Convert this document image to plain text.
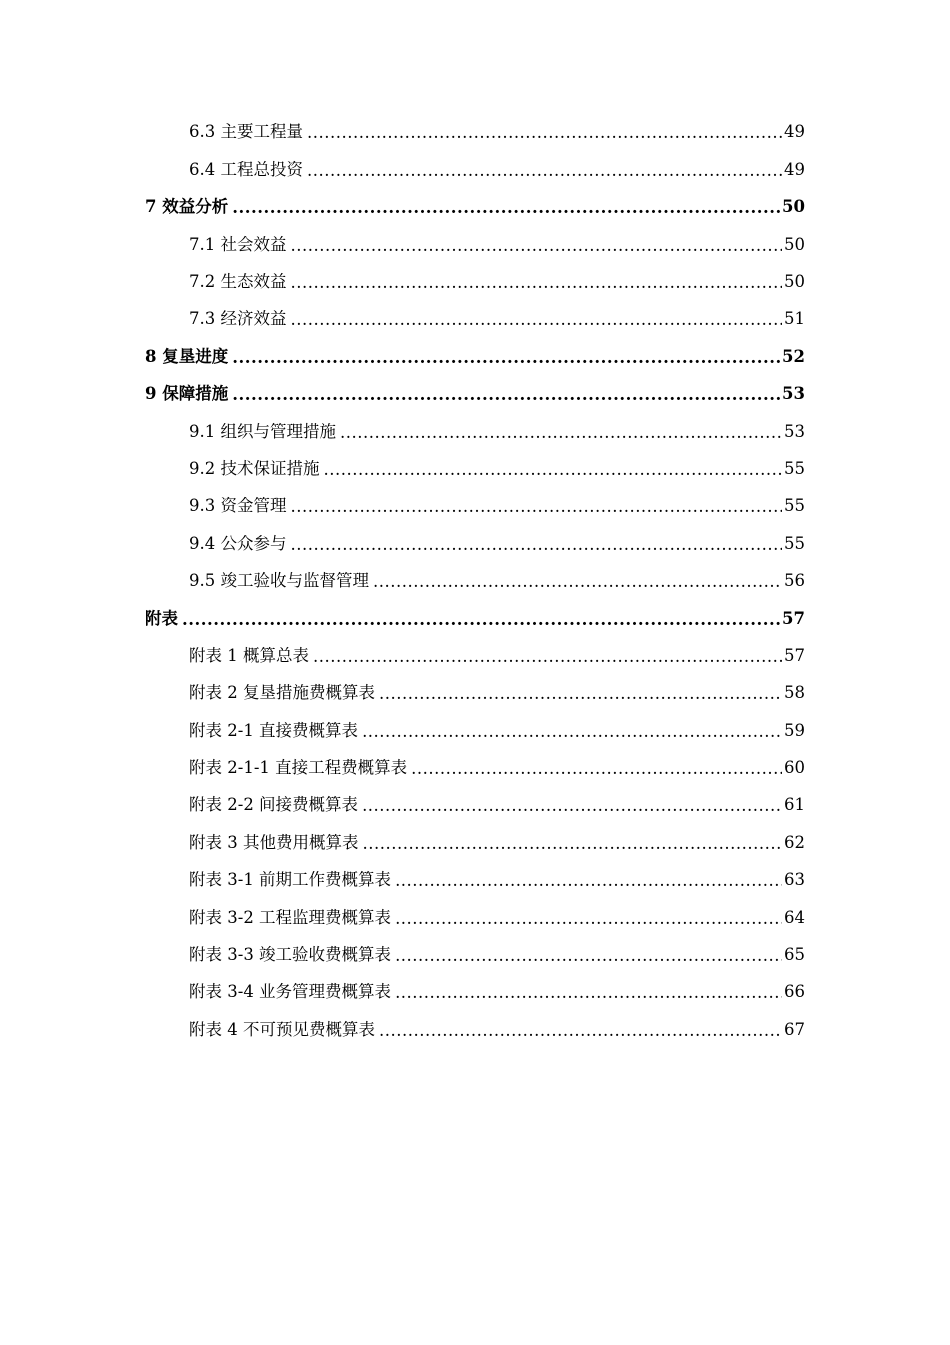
6.3 主要工程量 .....	49
6.4 工程总投资 .....	49
7 效益分析 .....	50
7.1 社会效益 .....	50
7.2 生态效益 .....	50
7.3 经济效益 .....	51
8 复垦进度 .....	52
9 保障措施 .....	53
9.1 组织与管理措施 .....	53
9.2 技术保证措施 .....	55
9.3 资金管理 .....	55
9.4 公众参与 .....	55
9.5 竣工验收与监督管理 .....	56
附表 .....	57
附表 1 概算总表 .....	57
附表 2 复垦措施费概算表 .....	58
附表 2-1 直接费概算表 .....	59
附表 2-1-1 直接工程费概算表 .....	60
附表 2-2 间接费概算表 .....	61
附表 3 其他费用概算表 .....	62
附表 3-1 前期工作费概算表 .....	63
附表 3-2 工程监理费概算表 .....	64
附表 3-3 竣工验收费概算表 .....	65
附表 3-4 业务管理费概算表 .....	66
附表 4 不可预见费概算表 .....	67
